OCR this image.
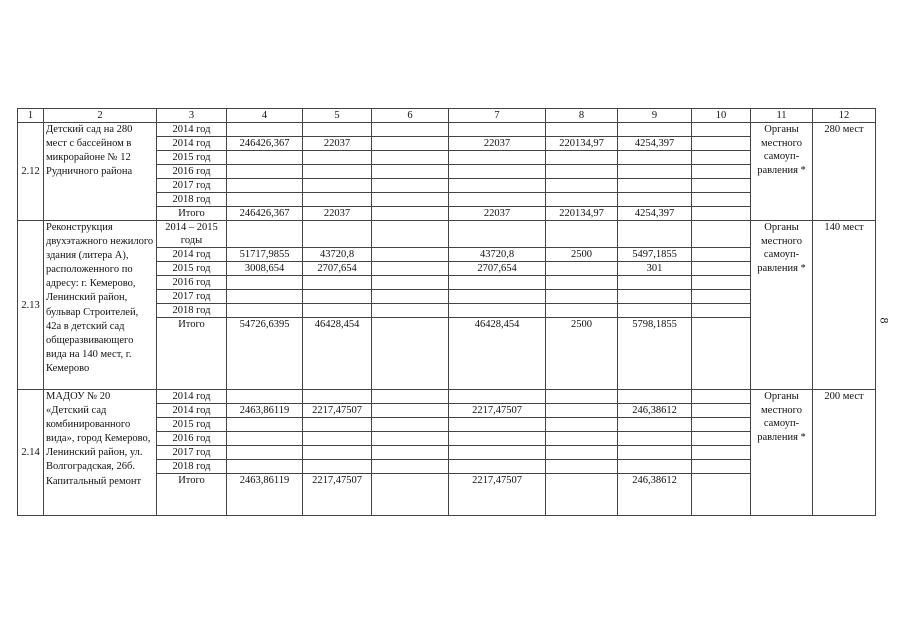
1	2	3	4	5	6	7	8	9	10	11	12
2.12	Детский сад на 280 мест с бассейном в микрорайоне № 12 Рудничного района	2014 год								Органы местного самоуп-равления *	280 мест
		2014 год	246426,367	22037		22037	220134,97	4254,397			
		2015 год									
		2016 год									
		2017 год									
		2018 год									
		Итого	246426,367	22037		22037	220134,97	4254,397			
2.13	Реконструкция двухэтажного нежилого здания (литера А), расположенного по адресу: г. Кемерово, Ленинский район, бульвар Строителей, 42а в детский сад общеразвивающего вида на 140 мест, г. Кемерово	2014 – 2015 годы								Органы местного самоуп-равления *	140 мест
		2014 год	51717,9855	43720,8		43720,8	2500	5497,1855			
		2015 год	3008,654	2707,654		2707,654		301			
		2016 год									
		2017 год									
		2018 год									
		Итого	54726,6395	46428,454		46428,454	2500	5798,1855			
2.14	МАДОУ № 20 «Детский сад комбинированного вида», город Кемерово, Ленинский район, ул. Волгоградская, 26б. Капитальный ремонт	2014 год								Органы местного самоуп-равления *	200 мест
		2014 год	2463,86119	2217,47507		2217,47507		246,38612			
		2015 год									
		2016 год									
		2017 год									
		2018 год									
		Итого	2463,86119	2217,47507		2217,47507		246,38612			
8
